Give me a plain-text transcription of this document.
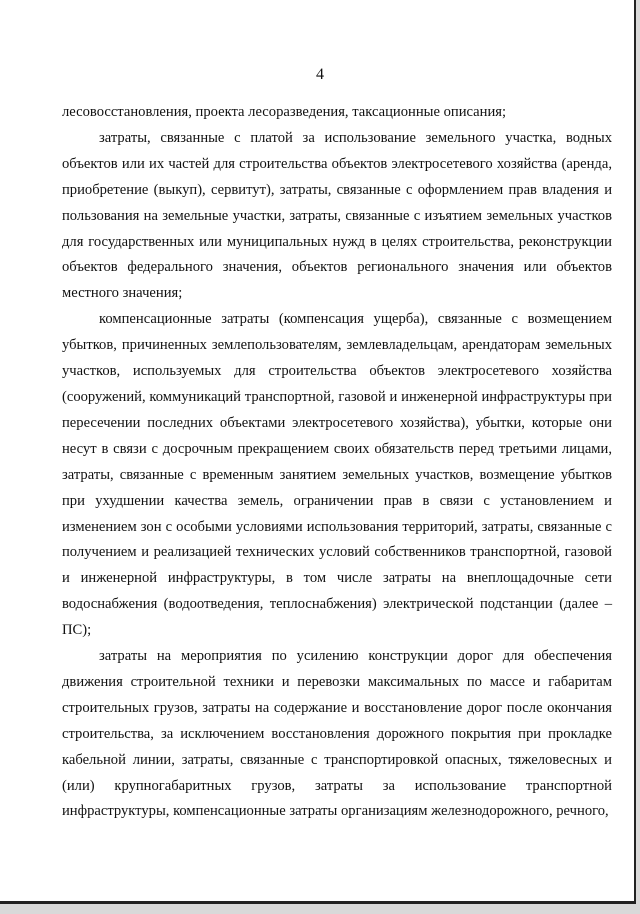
4

лесовосстановления, проекта лесоразведения, таксационные описания;

затраты, связанные с платой за использование земельного участка, водных объектов или их частей для строительства объектов электросетевого хозяйства (аренда, приобретение (выкуп), сервитут), затраты, связанные с оформлением прав владения и пользования на земельные участки, затраты, связанные с изъятием земельных участков для государственных или муниципальных нужд в целях строительства, реконструкции объектов федерального значения, объектов регионального значения или объектов местного значения;

компенсационные затраты (компенсация ущерба), связанные с возмещением убытков, причиненных землепользователям, землевладельцам, арендаторам земельных участков, используемых для строительства объектов электросетевого хозяйства (сооружений, коммуникаций транспортной, газовой и инженерной инфраструктуры при пересечении последних объектами электросетевого хозяйства), убытки, которые они несут в связи с досрочным прекращением своих обязательств перед третьими лицами, затраты, связанные с временным занятием земельных участков, возмещение убытков при ухудшении качества земель, ограничении прав в связи с установлением и изменением зон с особыми условиями использования территорий, затраты, связанные с получением и реализацией технических условий собственников транспортной, газовой и инженерной инфраструктуры, в том числе затраты на внеплощадочные сети водоснабжения (водоотведения, теплоснабжения) электрической подстанции (далее – ПС);

затраты на мероприятия по усилению конструкции дорог для обеспечения движения строительной техники и перевозки максимальных по массе и габаритам строительных грузов, затраты на содержание и восстановление дорог после окончания строительства, за исключением восстановления дорожного покрытия при прокладке кабельной линии, затраты, связанные с транспортировкой опасных, тяжеловесных и (или) крупногабаритных грузов, затраты за использование транспортной инфраструктуры, компенсационные затраты организациям железнодорожного, речного,
